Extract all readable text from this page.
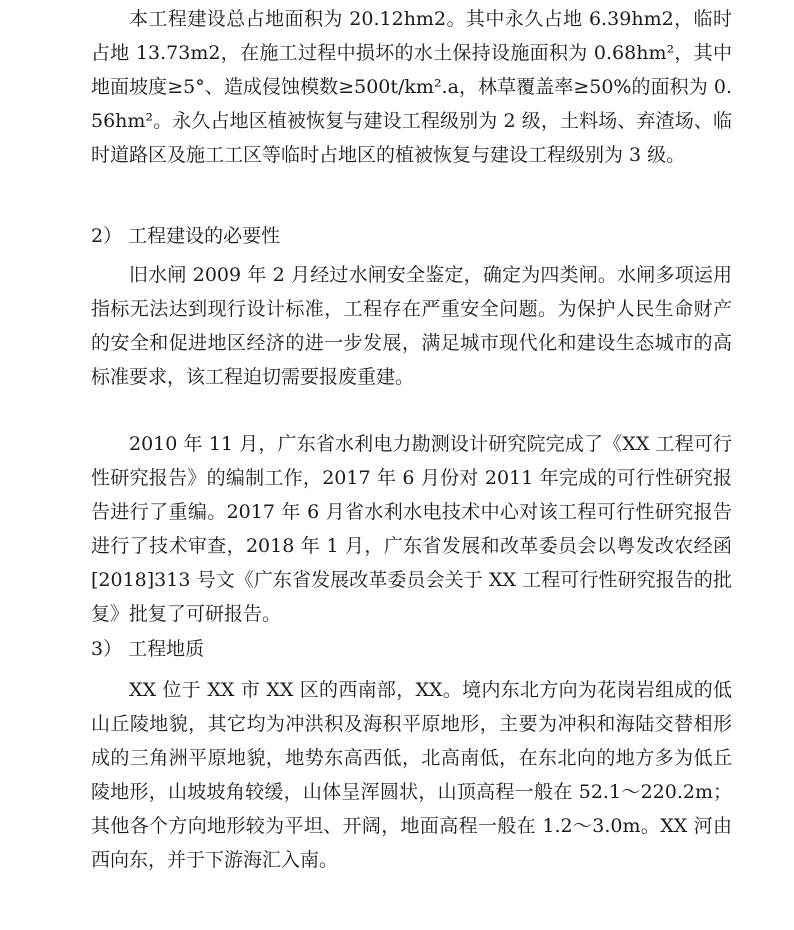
本工程建设总占地面积为 20.12hm2。其中永久占地 6.39hm2，临时占地 13.73m2，在施工过程中损坏的水土保持设施面积为 0.68hm²，其中地面坡度≥5°、造成侵蚀模数≥500t/km².a，林草覆盖率≥50%的面积为 0.56hm²。永久占地区植被恢复与建设工程级别为 2 级，土料场、弃渣场、临时道路区及施工工区等临时占地区的植被恢复与建设工程级别为 3 级。

2） 工程建设的必要性

旧水闸 2009 年 2 月经过水闸安全鉴定，确定为四类闸。水闸多项运用指标无法达到现行设计标准，工程存在严重安全问题。为保护人民生命财产的安全和促进地区经济的进一步发展，满足城市现代化和建设生态城市的高标准要求，该工程迫切需要报废重建。

2010 年 11 月，广东省水利电力勘测设计研究院完成了《XX 工程可行性研究报告》的编制工作，2017 年 6 月份对 2011 年完成的可行性研究报告进行了重编。2017 年 6 月省水利水电技术中心对该工程可行性研究报告进行了技术审查，2018 年 1 月，广东省发展和改革委员会以粤发改农经函[2018]313 号文《广东省发展改革委员会关于 XX 工程可行性研究报告的批复》批复了可研报告。

3） 工程地质

XX 位于 XX 市 XX 区的西南部，XX。境内东北方向为花岗岩组成的低山丘陵地貌，其它均为冲洪积及海积平原地形，主要为冲积和海陆交替相形成的三角洲平原地貌，地势东高西低，北高南低，在东北向的地方多为低丘陵地形，山坡坡角较缓，山体呈浑圆状，山顶高程一般在 52.1～220.2m；其他各个方向地形较为平坦、开阔，地面高程一般在 1.2～3.0m。XX 河由西向东，并于下游海汇入南。
